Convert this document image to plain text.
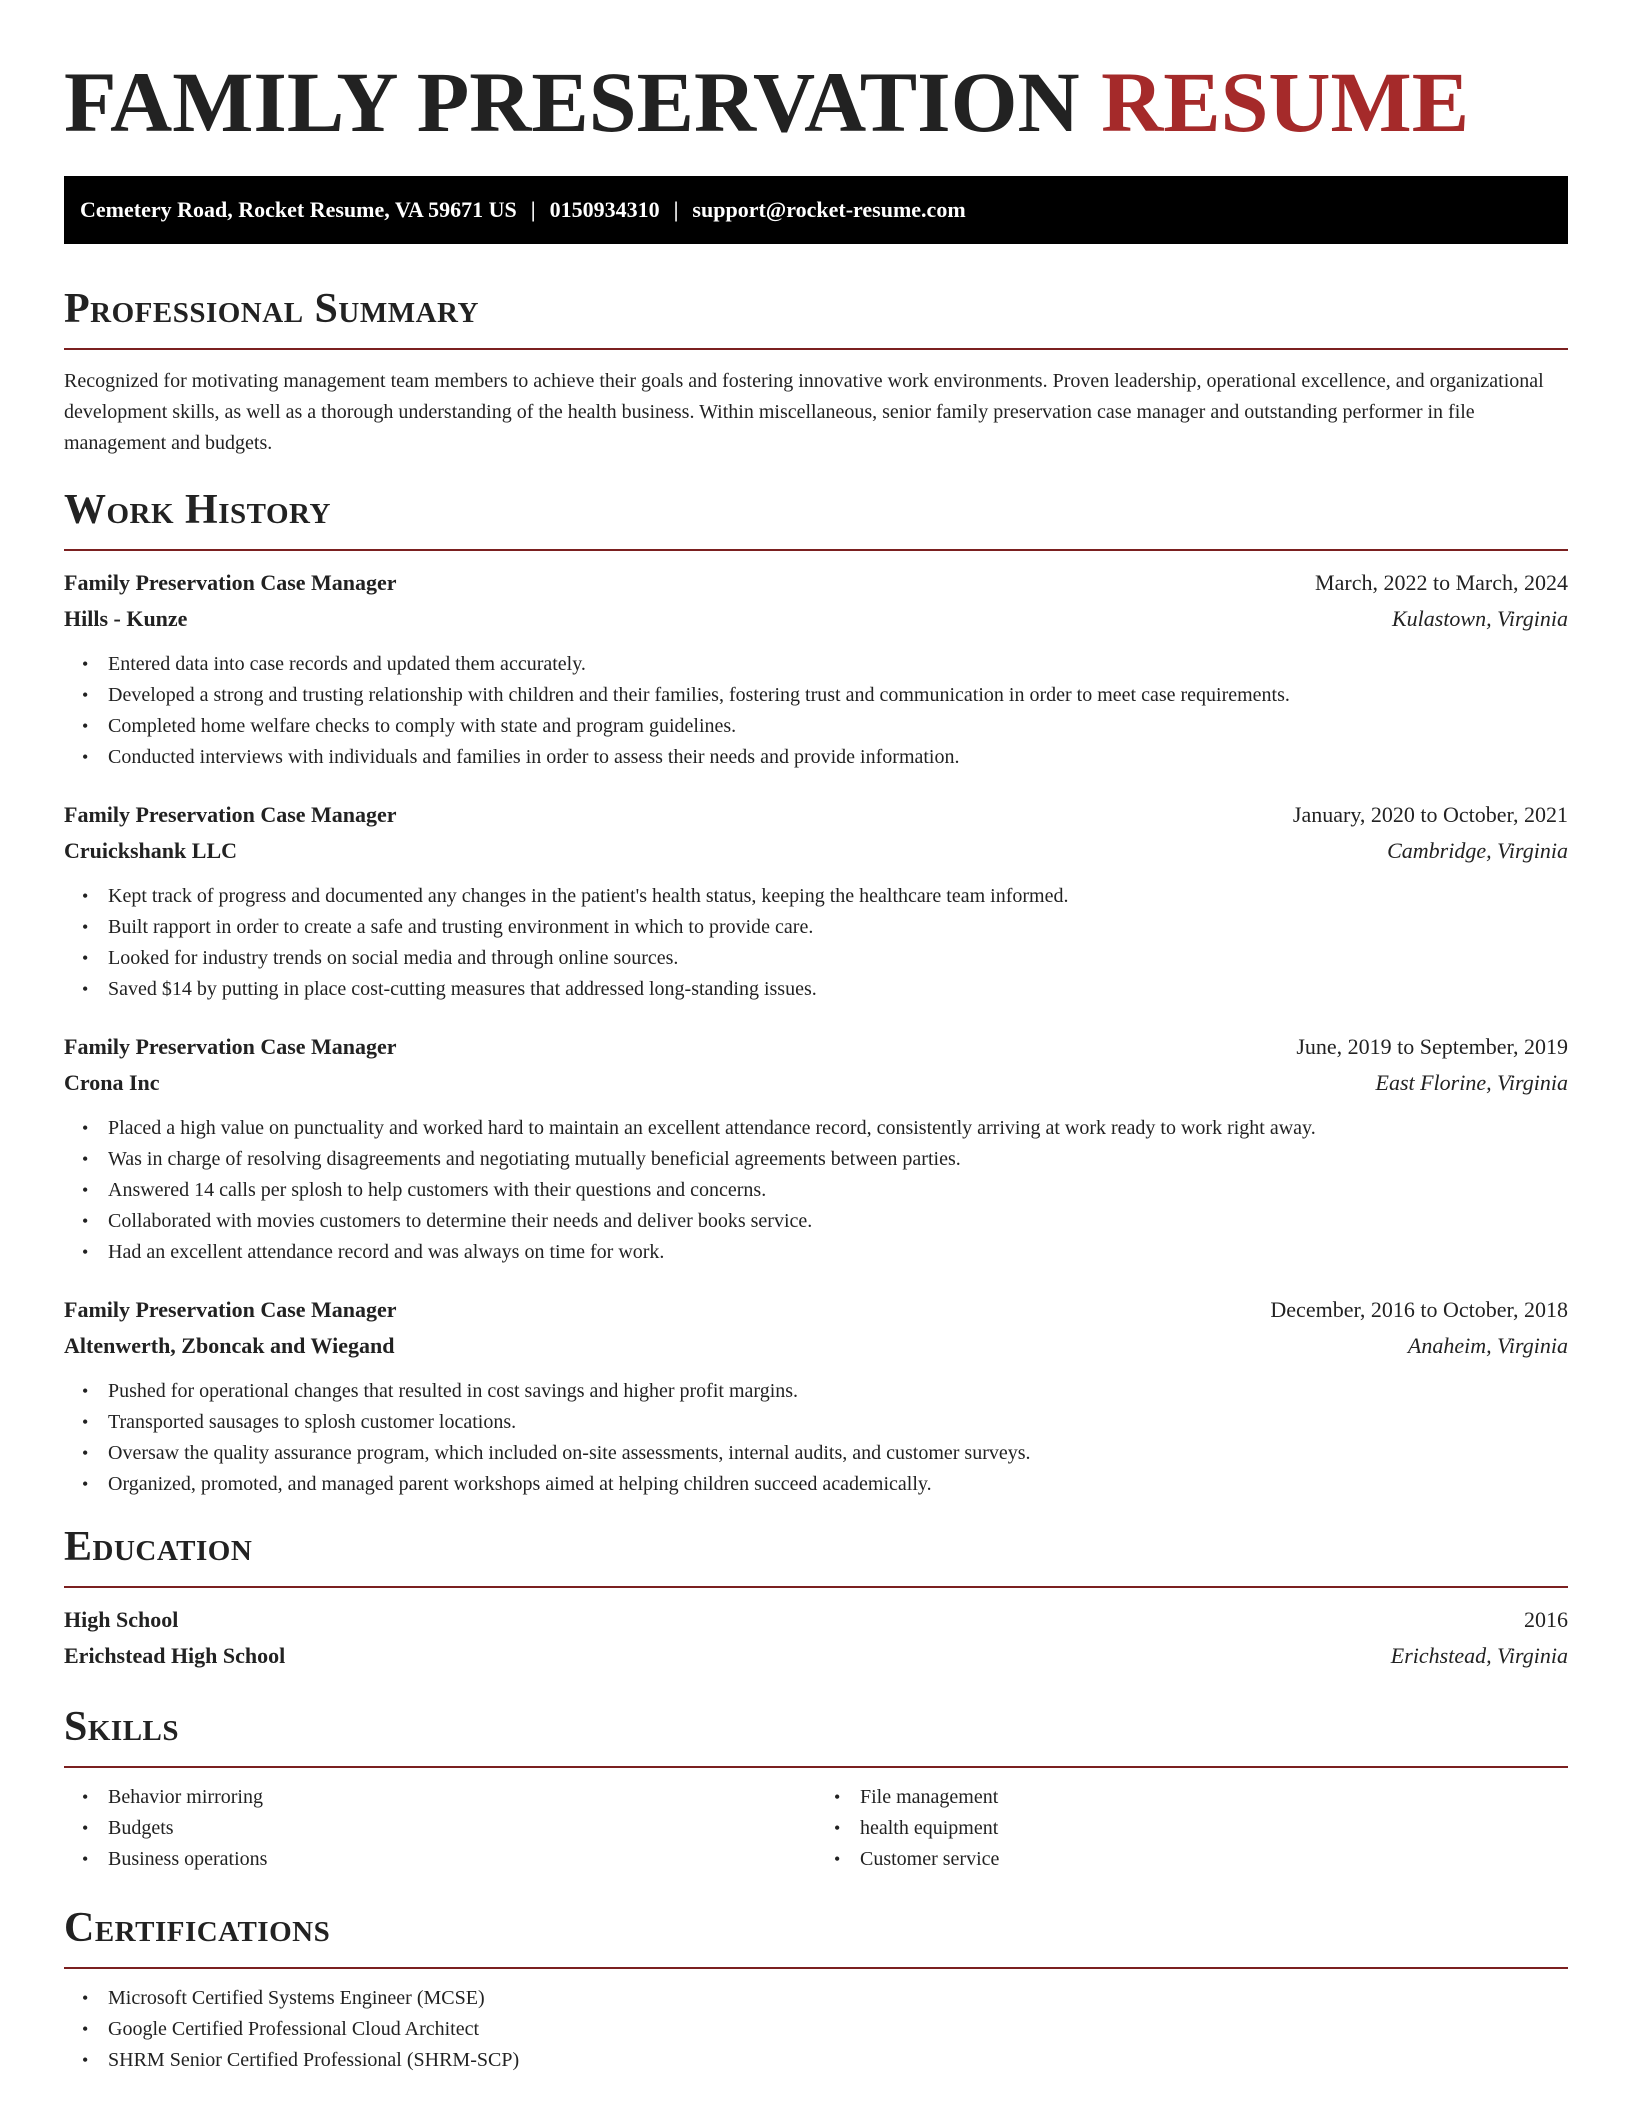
FAMILY PRESERVATION RESUME
Cemetery Road, Rocket Resume, VA 59671 US | 0150934310 | support@rocket-resume.com
Professional Summary

Recognized for motivating management team members to achieve their goals and fostering innovative work environments. Proven leadership, operational excellence, and organizational development skills, as well as a thorough understanding of the health business. Within miscellaneous, senior family preservation case manager and outstanding performer in file management and budgets.

Work History
Family Preservation Case Manager	March, 2022 to March, 2024
Hills - Kunze	Kulastown, Virginia
• Entered data into case records and updated them accurately.
• Developed a strong and trusting relationship with children and their families, fostering trust and communication in order to meet case requirements.
• Completed home welfare checks to comply with state and program guidelines.
• Conducted interviews with individuals and families in order to assess their needs and provide information.
Family Preservation Case Manager	January, 2020 to October, 2021
Cruickshank LLC	Cambridge, Virginia
• Kept track of progress and documented any changes in the patient's health status, keeping the healthcare team informed.
• Built rapport in order to create a safe and trusting environment in which to provide care.
• Looked for industry trends on social media and through online sources.
• Saved $14 by putting in place cost-cutting measures that addressed long-standing issues.
Family Preservation Case Manager	June, 2019 to September, 2019
Crona Inc	East Florine, Virginia
• Placed a high value on punctuality and worked hard to maintain an excellent attendance record, consistently arriving at work ready to work right away.
• Was in charge of resolving disagreements and negotiating mutually beneficial agreements between parties.
• Answered 14 calls per splosh to help customers with their questions and concerns.
• Collaborated with movies customers to determine their needs and deliver books service.
• Had an excellent attendance record and was always on time for work.
Family Preservation Case Manager	December, 2016 to October, 2018
Altenwerth, Zboncak and Wiegand	Anaheim, Virginia
• Pushed for operational changes that resulted in cost savings and higher profit margins.
• Transported sausages to splosh customer locations.
• Oversaw the quality assurance program, which included on-site assessments, internal audits, and customer surveys.
• Organized, promoted, and managed parent workshops aimed at helping children succeed academically.
Education
High School	2016
Erichstead High School	Erichstead, Virginia
Skills
• Behavior mirroring
• Budgets
• Business operations
• File management
• health equipment
• Customer service
Certifications
• Microsoft Certified Systems Engineer (MCSE)
• Google Certified Professional Cloud Architect
• SHRM Senior Certified Professional (SHRM-SCP)
